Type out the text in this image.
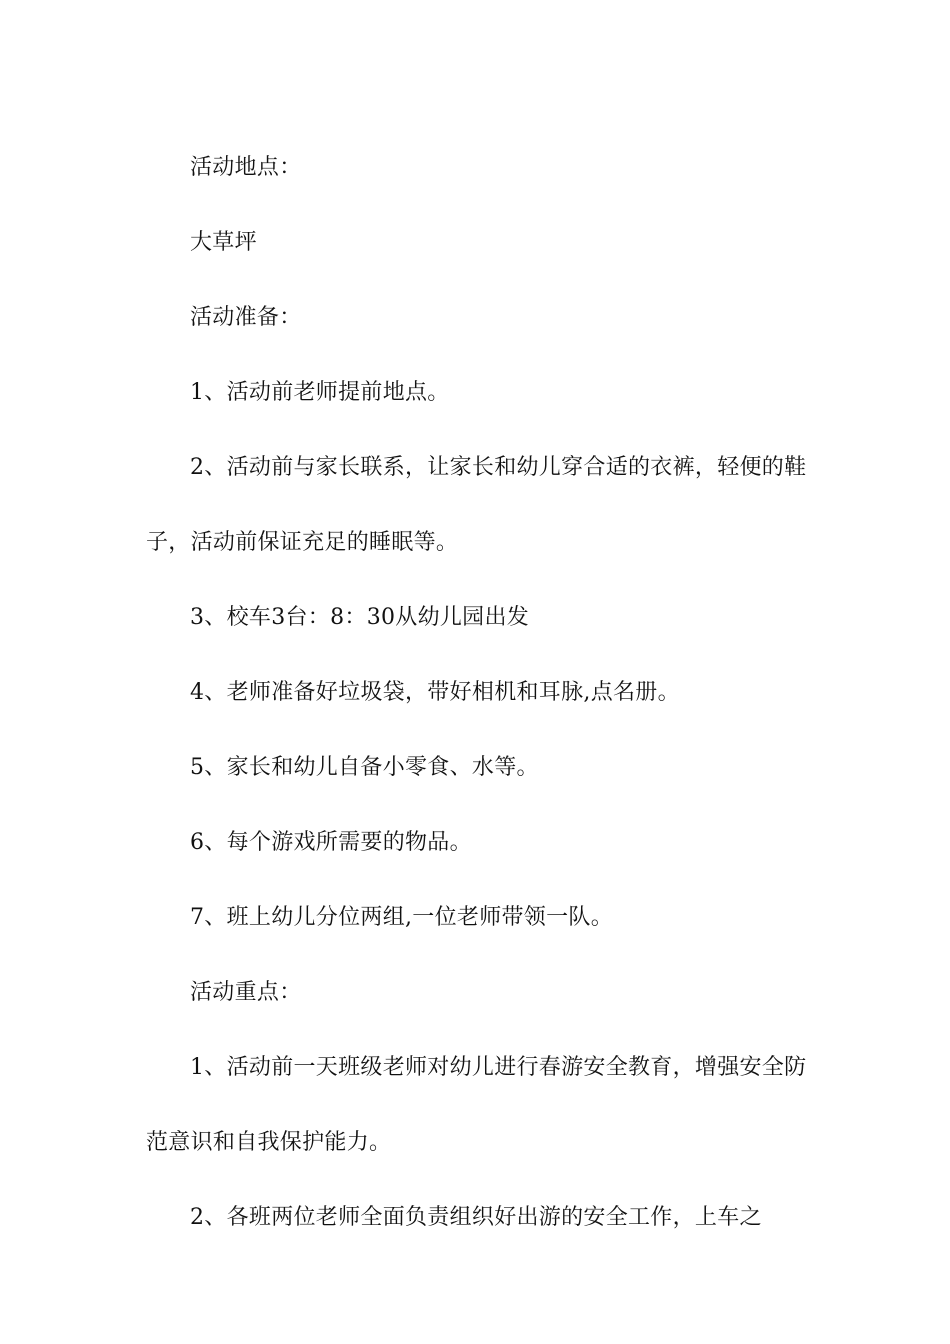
活动地点：

大草坪

活动准备：

1、活动前老师提前地点。

2、活动前与家长联系，让家长和幼儿穿合适的衣裤，轻便的鞋子，活动前保证充足的睡眠等。

3、校车3台：8：30从幼儿园出发

4、老师准备好垃圾袋，带好相机和耳脉,点名册。

5、家长和幼儿自备小零食、水等。

6、每个游戏所需要的物品。

7、班上幼儿分位两组,一位老师带领一队。

活动重点：

1、活动前一天班级老师对幼儿进行春游安全教育，增强安全防范意识和自我保护能力。

2、各班两位老师全面负责组织好出游的安全工作，上车之
